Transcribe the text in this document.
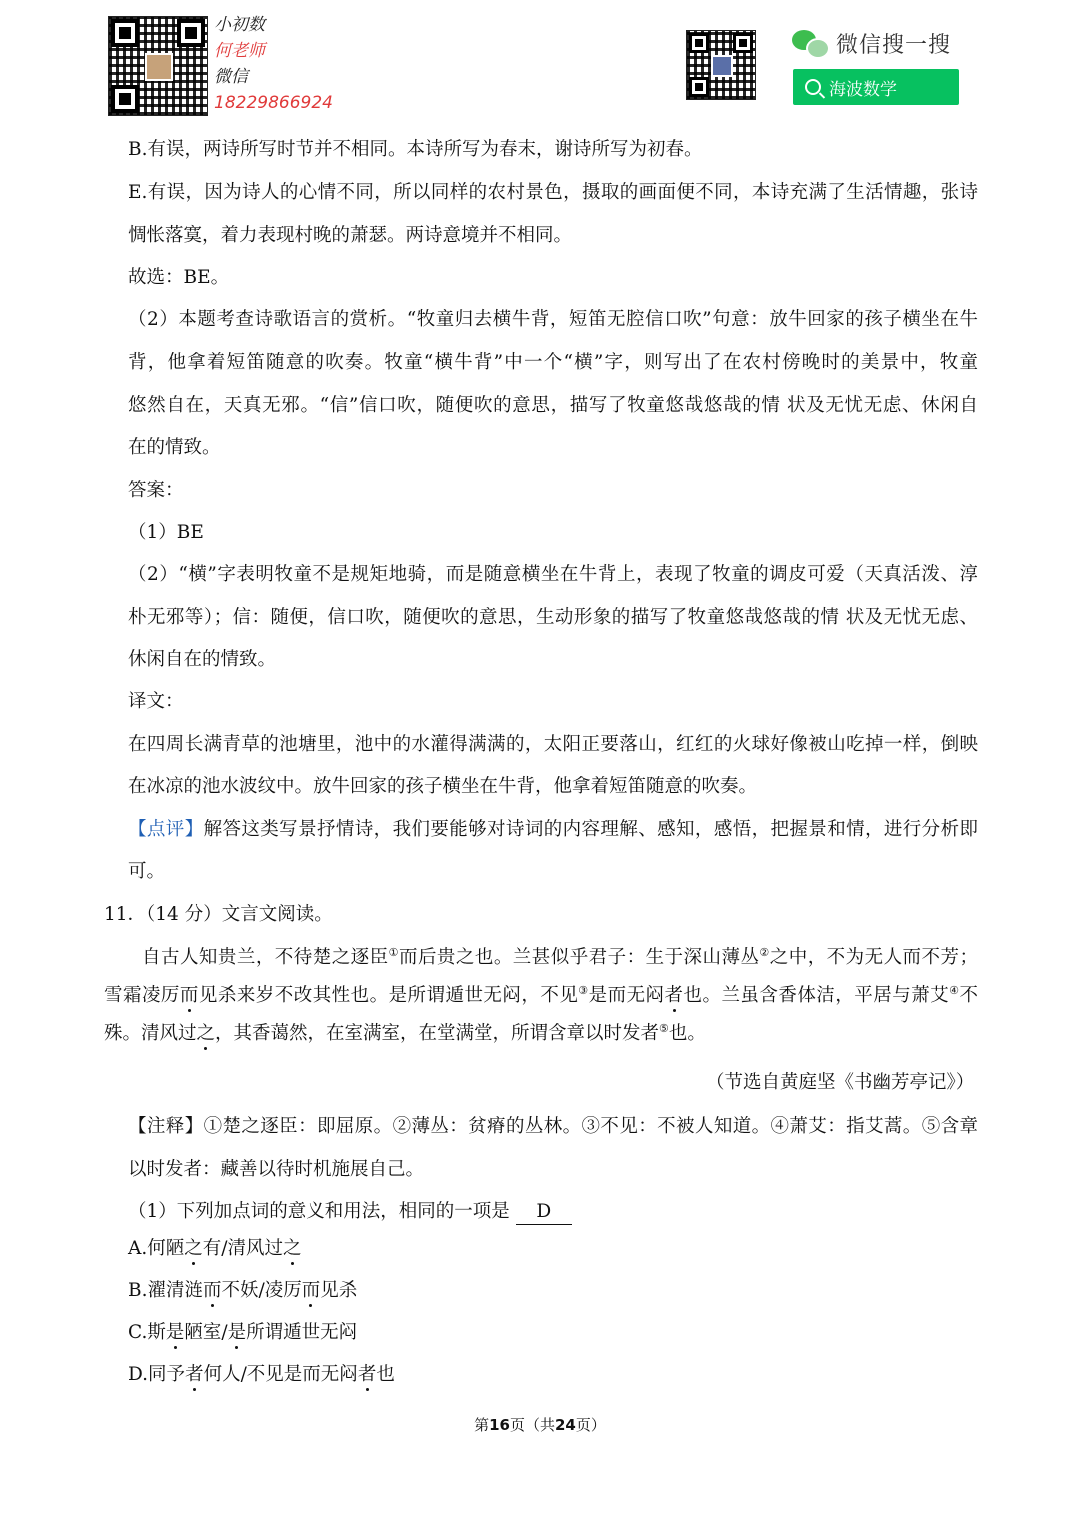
小初数
何老师
微信
18229866924
微信搜一搜
海波数学
B.有误，两诗所写时节并不相同。本诗所写为春末，谢诗所写为初春。
E.有误，因为诗人的心情不同，所以同样的农村景色，摄取的画面便不同，本诗充满了生活情趣，张诗
惆怅落寞，着力表现村晚的萧瑟。两诗意境并不相同。
故选：BE。
（2）本题考查诗歌语言的赏析。“牧童归去横牛背，短笛无腔信口吹”句意：放牛回家的孩子横坐在牛
背，他拿着短笛随意的吹奏。牧童“横牛背”中一个“横”字，则写出了在农村傍晚时的美景中，牧童
悠然自在，天真无邪。“信”信口吹，随便吹的意思，描写了牧童悠哉悠哉的情 状及无忧无虑、休闲自
在的情致。
答案：
（1）BE
（2）“横”字表明牧童不是规矩地骑，而是随意横坐在牛背上，表现了牧童的调皮可爱（天真活泼、淳
朴无邪等）；信：随便，信口吹，随便吹的意思，生动形象的描写了牧童悠哉悠哉的情 状及无忧无虑、
休闲自在的情致。
译文：
在四周长满青草的池塘里，池中的水灌得满满的，太阳正要落山，红红的火球好像被山吃掉一样，倒映
在冰凉的池水波纹中。放牛回家的孩子横坐在牛背，他拿着短笛随意的吹奏。
【点评】解答这类写景抒情诗，我们要能够对诗词的内容理解、感知，感悟，把握景和情，进行分析即
可。
11．（14 分）文言文阅读。
自古人知贵兰，不待楚之逐臣①而后贵之也。兰甚似乎君子：生于深山薄丛②之中，不为无人而不芳；
雪霜凌厉而见杀来岁不改其性也。是所谓遁世无闷，不见③是而无闷者也。兰虽含香体洁，平居与萧艾④不
殊。清风过之，其香蔼然，在室满室，在堂满堂，所谓含章以时发者⑤也。
（节选自黄庭坚《书幽芳亭记》）
【注释】①楚之逐臣：即屈原。②薄丛：贫瘠的丛林。③不见：不被人知道。④萧艾：指艾蒿。⑤含章
以时发者：藏善以待时机施展自己。
（1）下列加点词的意义和用法，相同的一项是 D
A.何陋之有/清风过之
B.濯清涟而不妖/凌厉而见杀
C.斯是陋室/是所谓遁世无闷
D.同予者何人/不见是而无闷者也
第16页（共24页）
